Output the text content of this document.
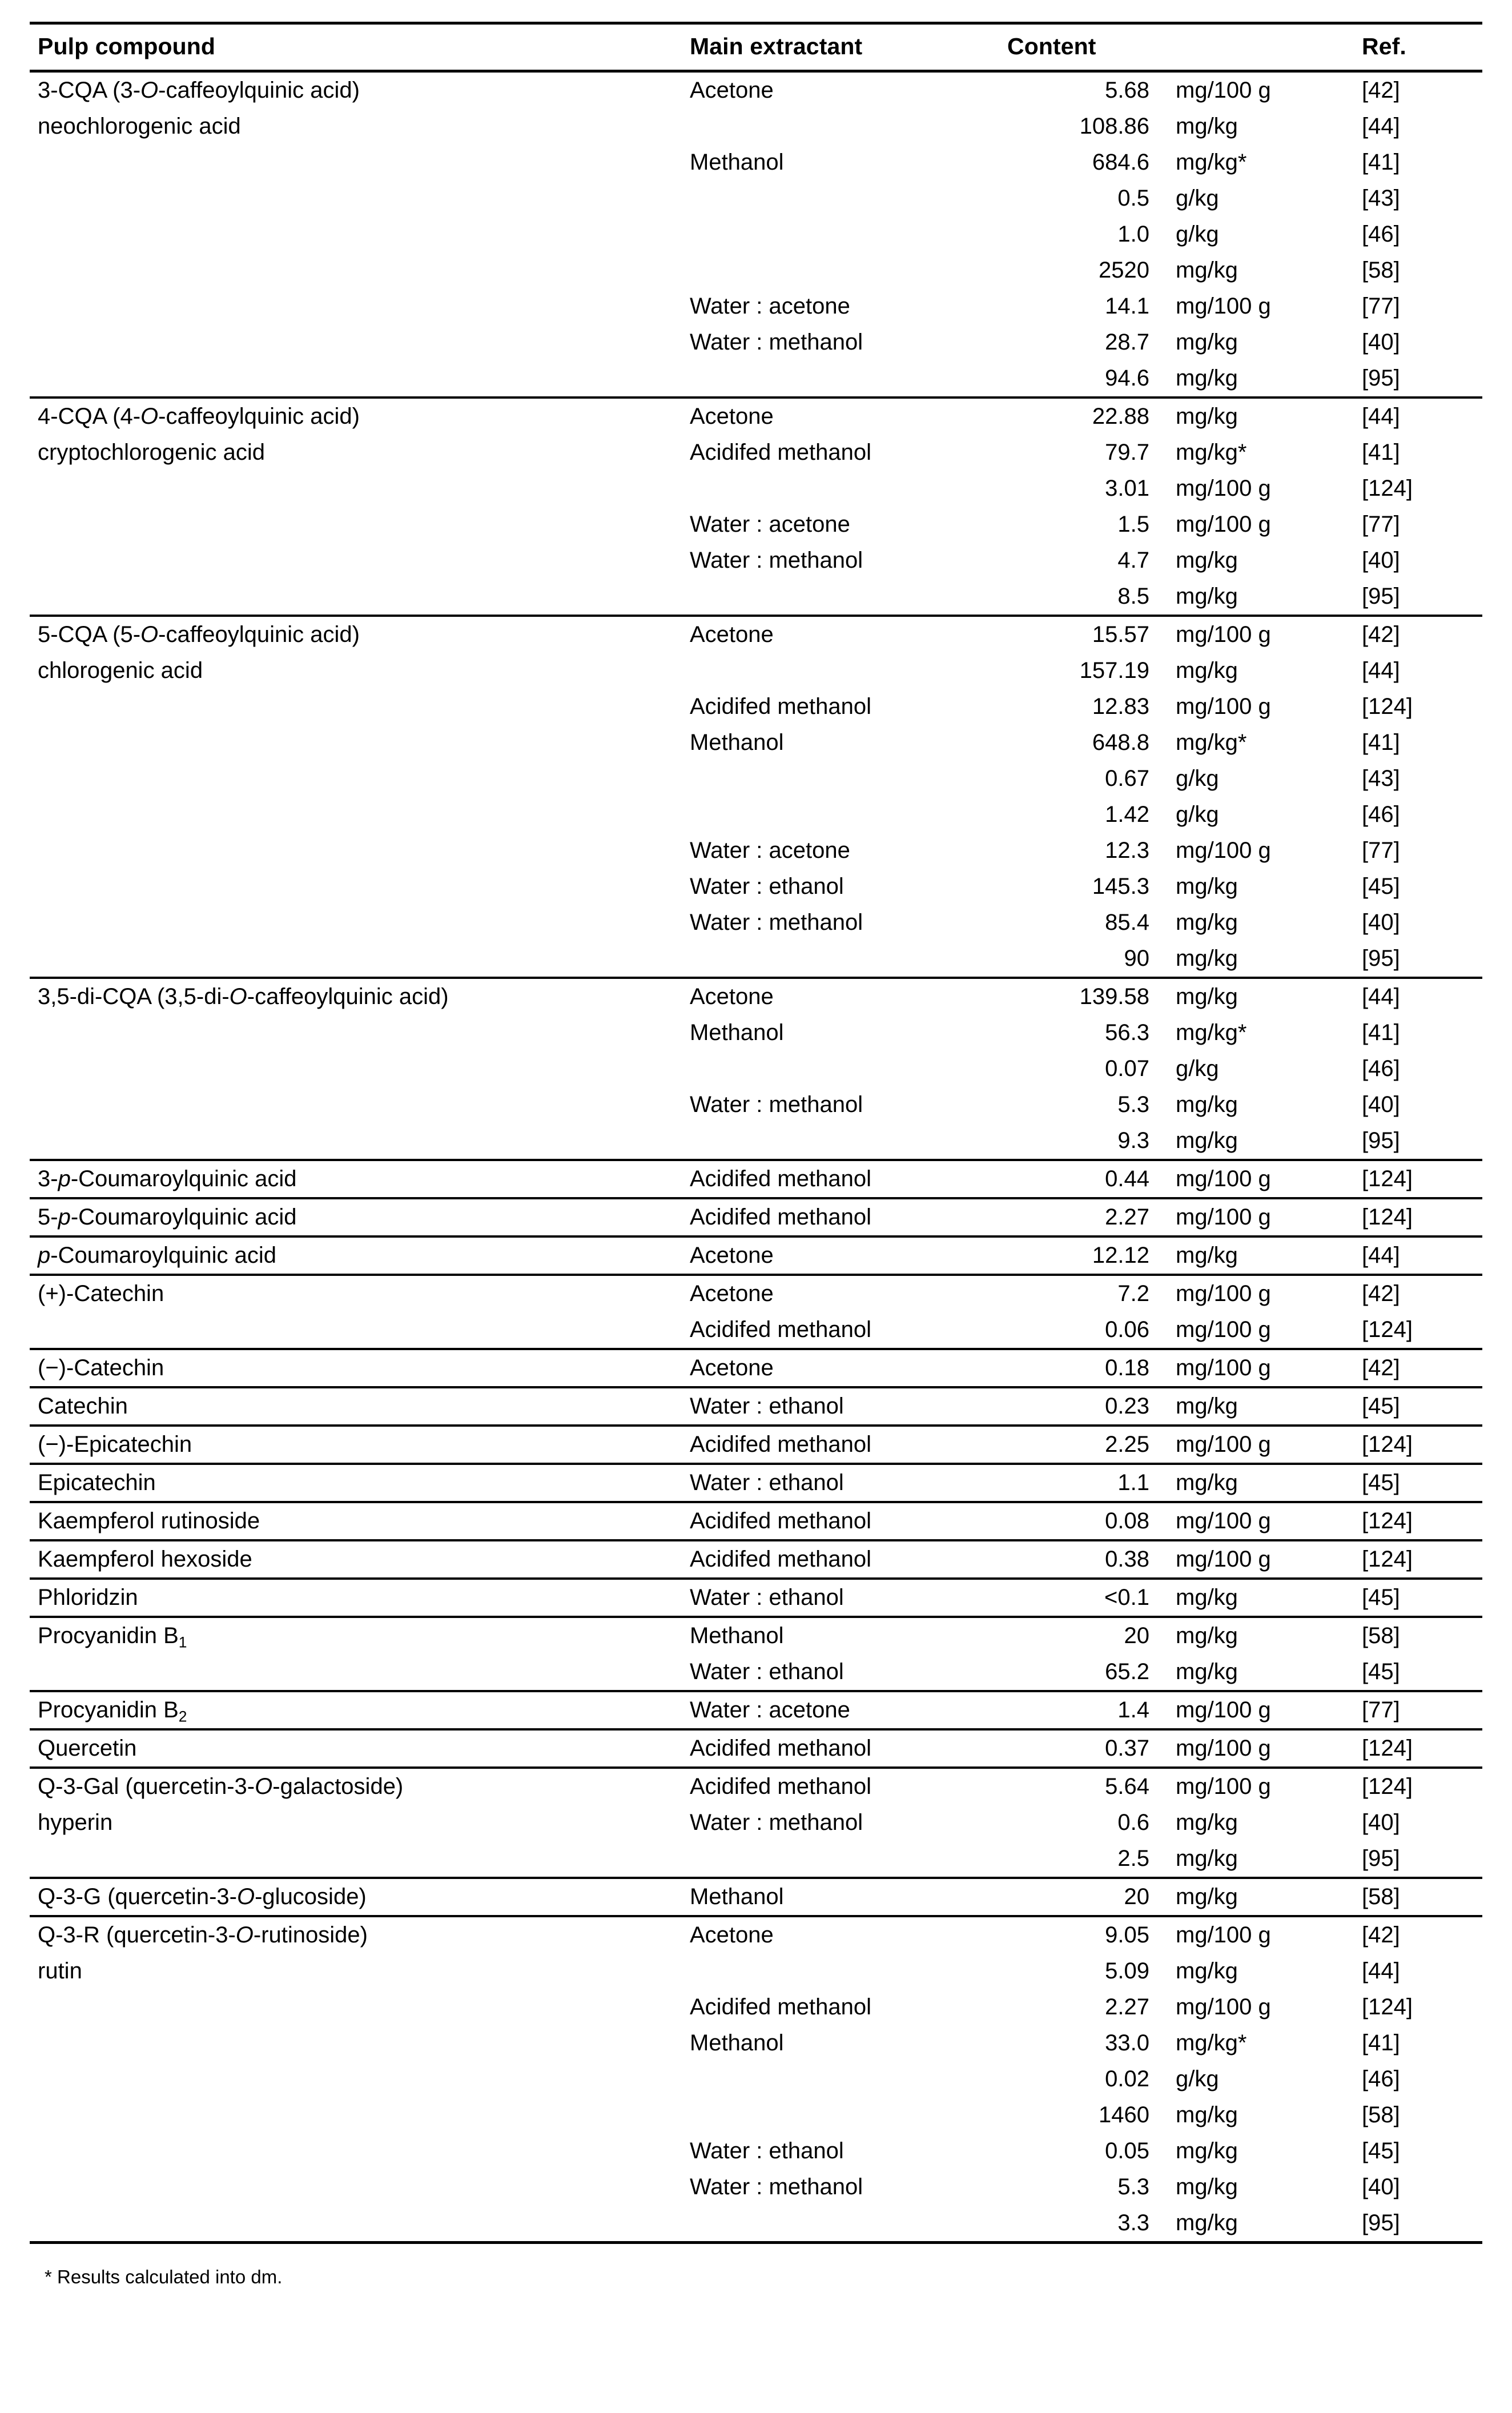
Pulp compound	Main extractant	Content		Ref.

3-CQA (3-O-caffeoylquinic acid)	Acetone	5.68	mg/100 g	[42]

neochlorogenic acid		108.86	mg/kg	[44]

	Methanol	684.6	mg/kg*	[41]

		0.5	g/kg	[43]

		1.0	g/kg	[46]

		2520	mg/kg	[58]

	Water : acetone	14.1	mg/100 g	[77]

	Water : methanol	28.7	mg/kg	[40]

		94.6	mg/kg	[95]

4-CQA (4-O-caffeoylquinic acid)	Acetone	22.88	mg/kg	[44]

cryptochlorogenic acid	Acidifed methanol	79.7	mg/kg*	[41]

		3.01	mg/100 g	[124]

	Water : acetone	1.5	mg/100 g	[77]

	Water : methanol	4.7	mg/kg	[40]

		8.5	mg/kg	[95]

5-CQA (5-O-caffeoylquinic acid)	Acetone	15.57	mg/100 g	[42]

chlorogenic acid		157.19	mg/kg	[44]

	Acidifed methanol	12.83	mg/100 g	[124]

	Methanol	648.8	mg/kg*	[41]

		0.67	g/kg	[43]

		1.42	g/kg	[46]

	Water : acetone	12.3	mg/100 g	[77]

	Water : ethanol	145.3	mg/kg	[45]

	Water : methanol	85.4	mg/kg	[40]

		90	mg/kg	[95]

3,5-di-CQA (3,5-di-O-caffeoylquinic acid)	Acetone	139.58	mg/kg	[44]

	Methanol	56.3	mg/kg*	[41]

		0.07	g/kg	[46]

	Water : methanol	5.3	mg/kg	[40]

		9.3	mg/kg	[95]

3-p-Coumaroylquinic acid	Acidifed methanol	0.44	mg/100 g	[124]

5-p-Coumaroylquinic acid	Acidifed methanol	2.27	mg/100 g	[124]

p-Coumaroylquinic acid	Acetone	12.12	mg/kg	[44]

(+)-Catechin	Acetone	7.2	mg/100 g	[42]

	Acidifed methanol	0.06	mg/100 g	[124]

(−)-Catechin	Acetone	0.18	mg/100 g	[42]

Catechin	Water : ethanol	0.23	mg/kg	[45]

(−)-Epicatechin	Acidifed methanol	2.25	mg/100 g	[124]

Epicatechin	Water : ethanol	1.1	mg/kg	[45]

Kaempferol rutinoside	Acidifed methanol	0.08	mg/100 g	[124]

Kaempferol hexoside	Acidifed methanol	0.38	mg/100 g	[124]

Phloridzin	Water : ethanol	<0.1	mg/kg	[45]

Procyanidin $B_1$	Methanol	20	mg/kg	[58]

	Water : ethanol	65.2	mg/kg	[45]

Procyanidin $B_2$	Water : acetone	1.4	mg/100 g	[77]

Quercetin	Acidifed methanol	0.37	mg/100 g	[124]

Q-3-Gal (quercetin-3-O-galactoside)	Acidifed methanol	5.64	mg/100 g	[124]

hyperin	Water : methanol	0.6	mg/kg	[40]

		2.5	mg/kg	[95]

Q-3-G (quercetin-3-O-glucoside)	Methanol	20	mg/kg	[58]

Q-3-R (quercetin-3-O-rutinoside)	Acetone	9.05	mg/100 g	[42]

rutin		5.09	mg/kg	[44]

	Acidifed methanol	2.27	mg/100 g	[124]

	Methanol	33.0	mg/kg*	[41]

		0.02	g/kg	[46]

		1460	mg/kg	[58]

	Water : ethanol	0.05	mg/kg	[45]

	Water : methanol	5.3	mg/kg	[40]

		3.3	mg/kg	[95]
* Results calculated into dm.
